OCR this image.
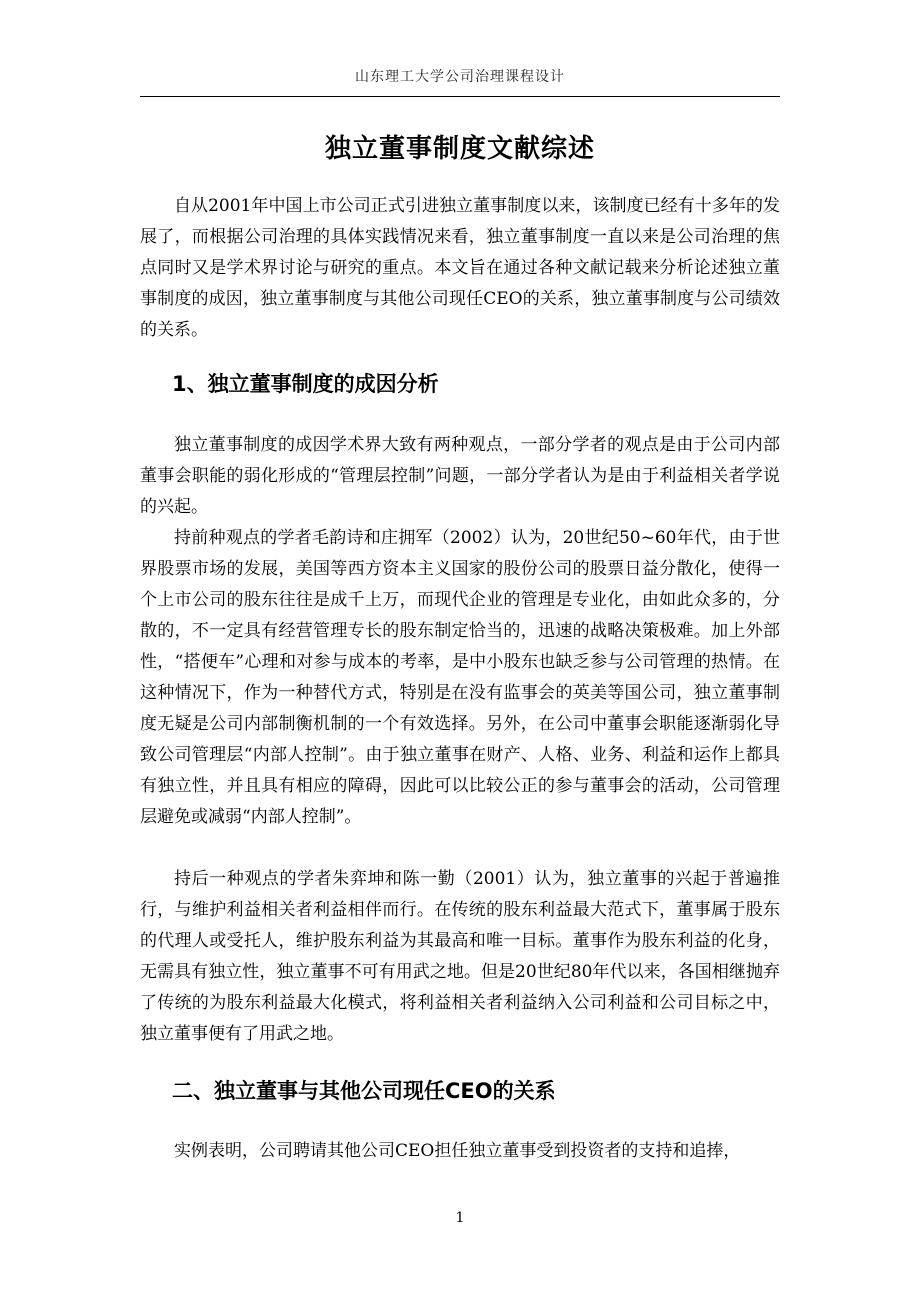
山东理工大学公司治理课程设计
独立董事制度文献综述

自从2001年中国上市公司正式引进独立董事制度以来，该制度已经有十多年的发展了，而根据公司治理的具体实践情况来看，独立董事制度一直以来是公司治理的焦点同时又是学术界讨论与研究的重点。本文旨在通过各种文献记载来分析论述独立董事制度的成因，独立董事制度与其他公司现任CEO的关系，独立董事制度与公司绩效的关系。

1、独立董事制度的成因分析

独立董事制度的成因学术界大致有两种观点，一部分学者的观点是由于公司内部董事会职能的弱化形成的“管理层控制”问题，一部分学者认为是由于利益相关者学说的兴起。

持前种观点的学者毛韵诗和庄拥军（2002）认为，20世纪50~60年代，由于世界股票市场的发展，美国等西方资本主义国家的股份公司的股票日益分散化，使得一个上市公司的股东往往是成千上万，而现代企业的管理是专业化，由如此众多的，分散的，不一定具有经营管理专长的股东制定恰当的，迅速的战略决策极难。加上外部性，“搭便车”心理和对参与成本的考率，是中小股东也缺乏参与公司管理的热情。在这种情况下，作为一种替代方式，特别是在没有监事会的英美等国公司，独立董事制度无疑是公司内部制衡机制的一个有效选择。另外，在公司中董事会职能逐渐弱化导致公司管理层“内部人控制”。由于独立董事在财产、人格、业务、利益和运作上都具有独立性，并且具有相应的障碍，因此可以比较公正的参与董事会的活动，公司管理层避免或减弱“内部人控制”。

持后一种观点的学者朱弈坤和陈一勤（2001）认为，独立董事的兴起于普遍推行，与维护利益相关者利益相伴而行。在传统的股东利益最大范式下，董事属于股东的代理人或受托人，维护股东利益为其最高和唯一目标。董事作为股东利益的化身，无需具有独立性，独立董事不可有用武之地。但是20世纪80年代以来，各国相继抛弃了传统的为股东利益最大化模式，将利益相关者利益纳入公司利益和公司目标之中，独立董事便有了用武之地。

二、独立董事与其他公司现任CEO的关系

实例表明，公司聘请其他公司CEO担任独立董事受到投资者的支持和追捧，

1
